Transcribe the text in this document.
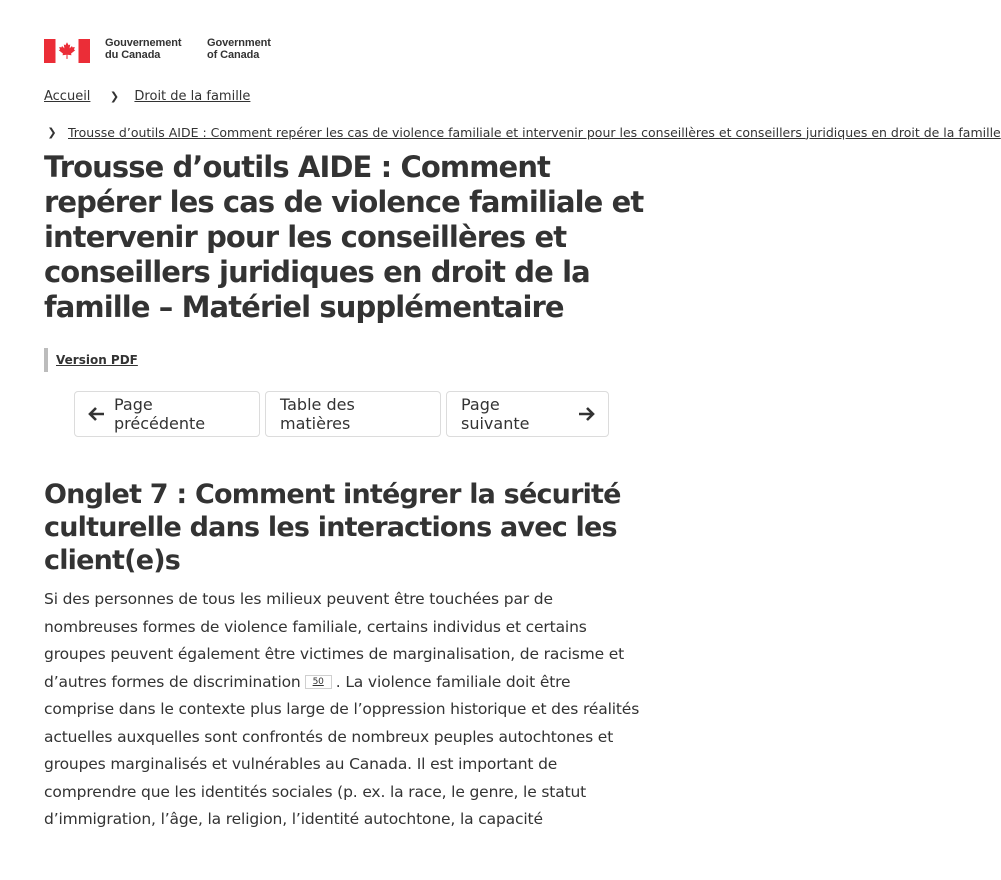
Gouvernement
du Canada
Government
of Canada
Accueil ❯ Droit de la famille
❯ Trousse d’outils AIDE : Comment repérer les cas de violence familiale et intervenir pour les conseillères et conseillers juridiques en droit de la famille
Trousse d’outils AIDE : Comment repérer les cas de violence familiale et intervenir pour les conseillères et conseillers juridiques en droit de la famille – Matériel supplémentaire
Version PDF
Page précédente
Table des matières
Page suivante
Onglet 7 : Comment intégrer la sécurité culturelle dans les interactions avec les client(e)s

Si des personnes de tous les milieux peuvent être touchées par de nombreuses formes de violence familiale, certains individus et certains groupes peuvent également être victimes de marginalisation, de racisme et d’autres formes de discrimination 50 . La violence familiale doit être comprise dans le contexte plus large de l’oppression historique et des réalités actuelles auxquelles sont confrontés de nombreux peuples autochtones et groupes marginalisés et vulnérables au Canada. Il est important de comprendre que les identités sociales (p. ex. la race, le genre, le statut d’immigration, l’âge, la religion, l’identité autochtone, la capacité
